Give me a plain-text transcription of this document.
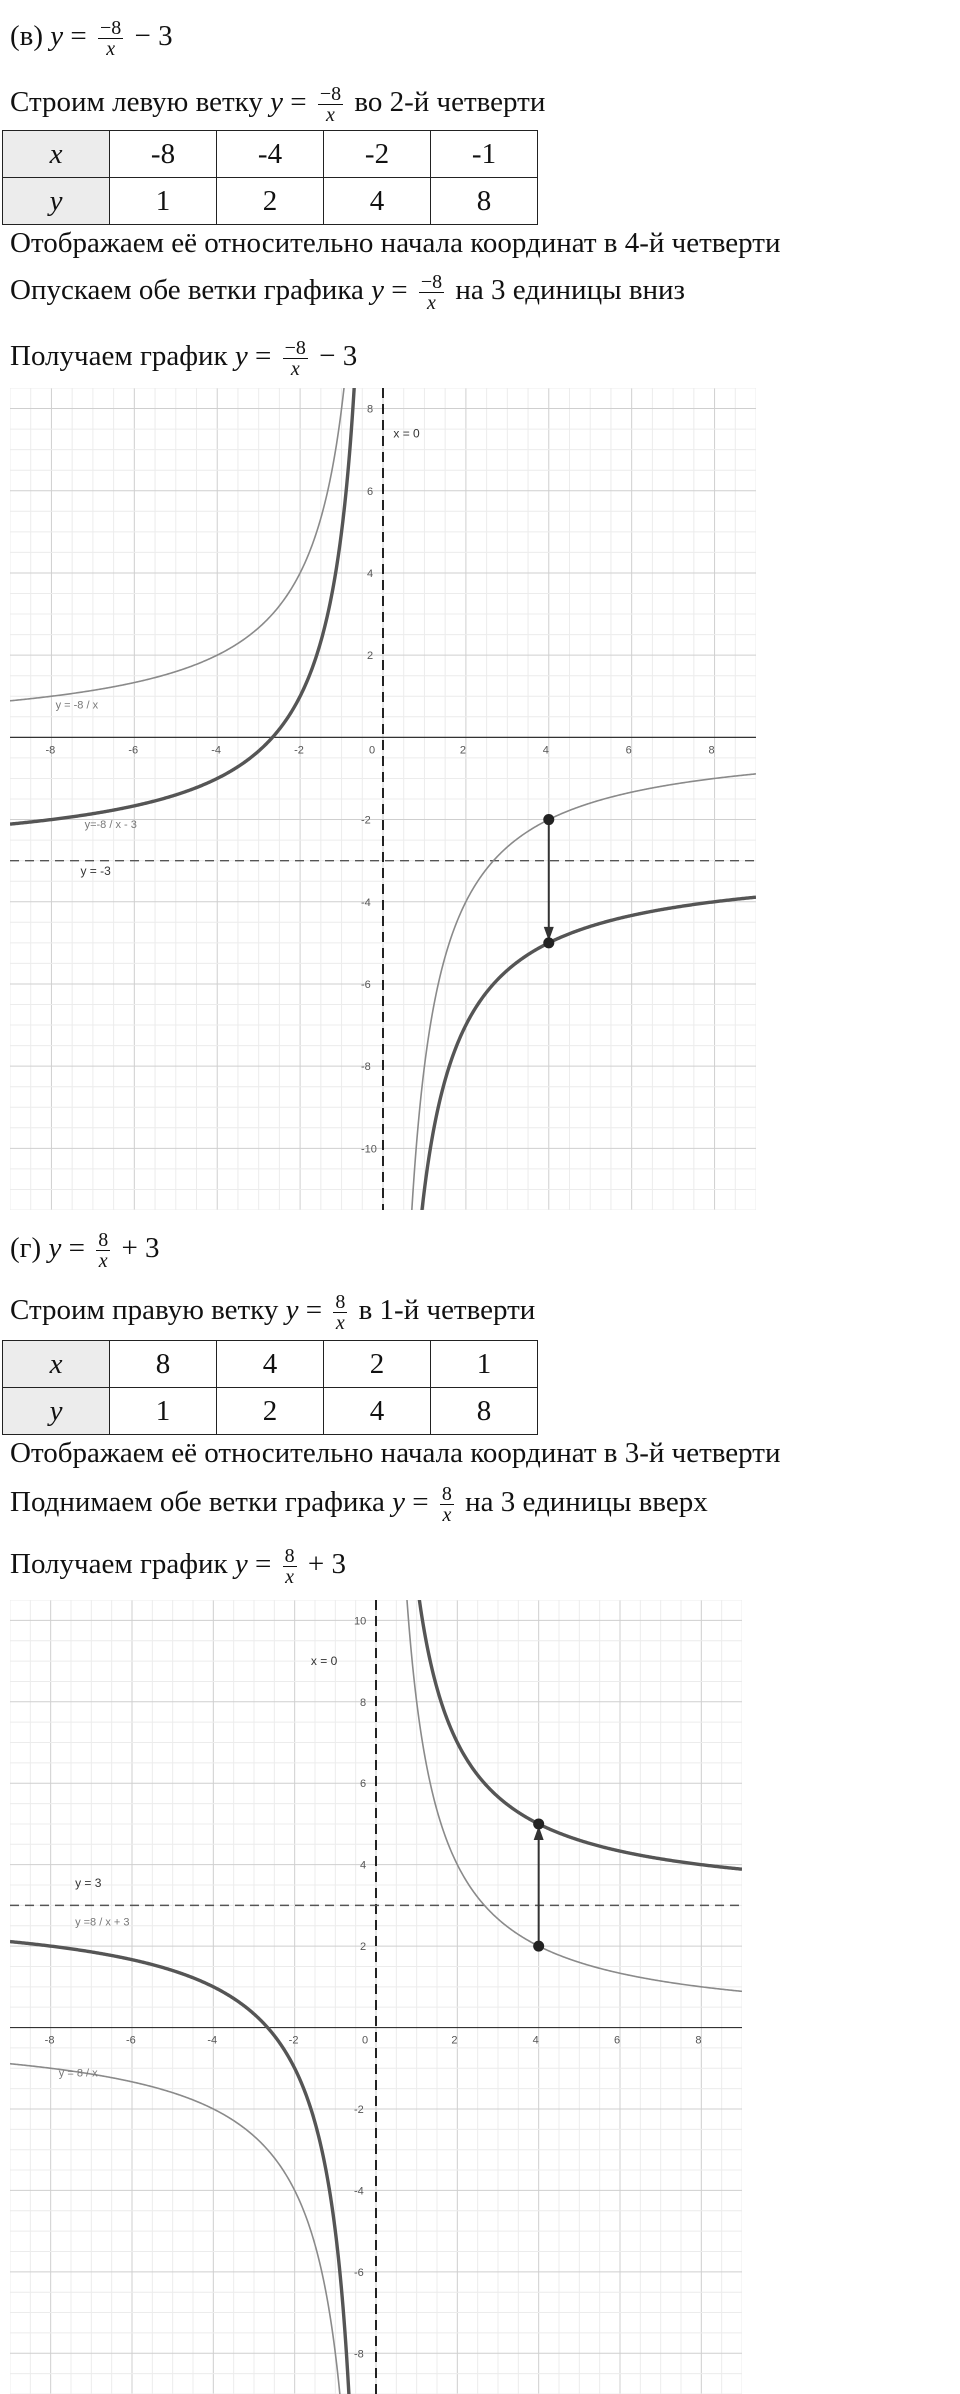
(в) $y = \frac{-8}{x} - 3$
Строим левую ветку $y = \frac{-8}{x}$ во 2-й четверти
x	-8	-4	-2	-1
y	1	2	4	8
Отображаем её относительно начала координат в 4-й четверти
Опускаем обе ветки графика $y = \frac{-8}{x}$ на 3 единицы вниз
Получаем график $y = \frac{-8}{x} - 3$
-8	-6	-4	-2	0	2	4	6	8
-10
-8
-6
-4
-2
2
4
6
8
x = 0
y = -3
y = -8 / x
y=-8 / x - 3
(г) $y = \frac{8}{x} + 3$
Строим правую ветку $y = \frac{8}{x}$ в 1-й четверти
x	8	4	2	1
y	1	2	4	8
Отображаем её относительно начала координат в 3-й четверти
Поднимаем обе ветки графика $y = \frac{8}{x}$ на 3 единицы вверх
Получаем график $y = \frac{8}{x} + 3$
-8	-6	-4	-2	0	2	4	6	8
-8
-6
-4
-2
2
4
6
8
10
x = 0
y = 3
y = 8 / x
y =8 / x + 3
